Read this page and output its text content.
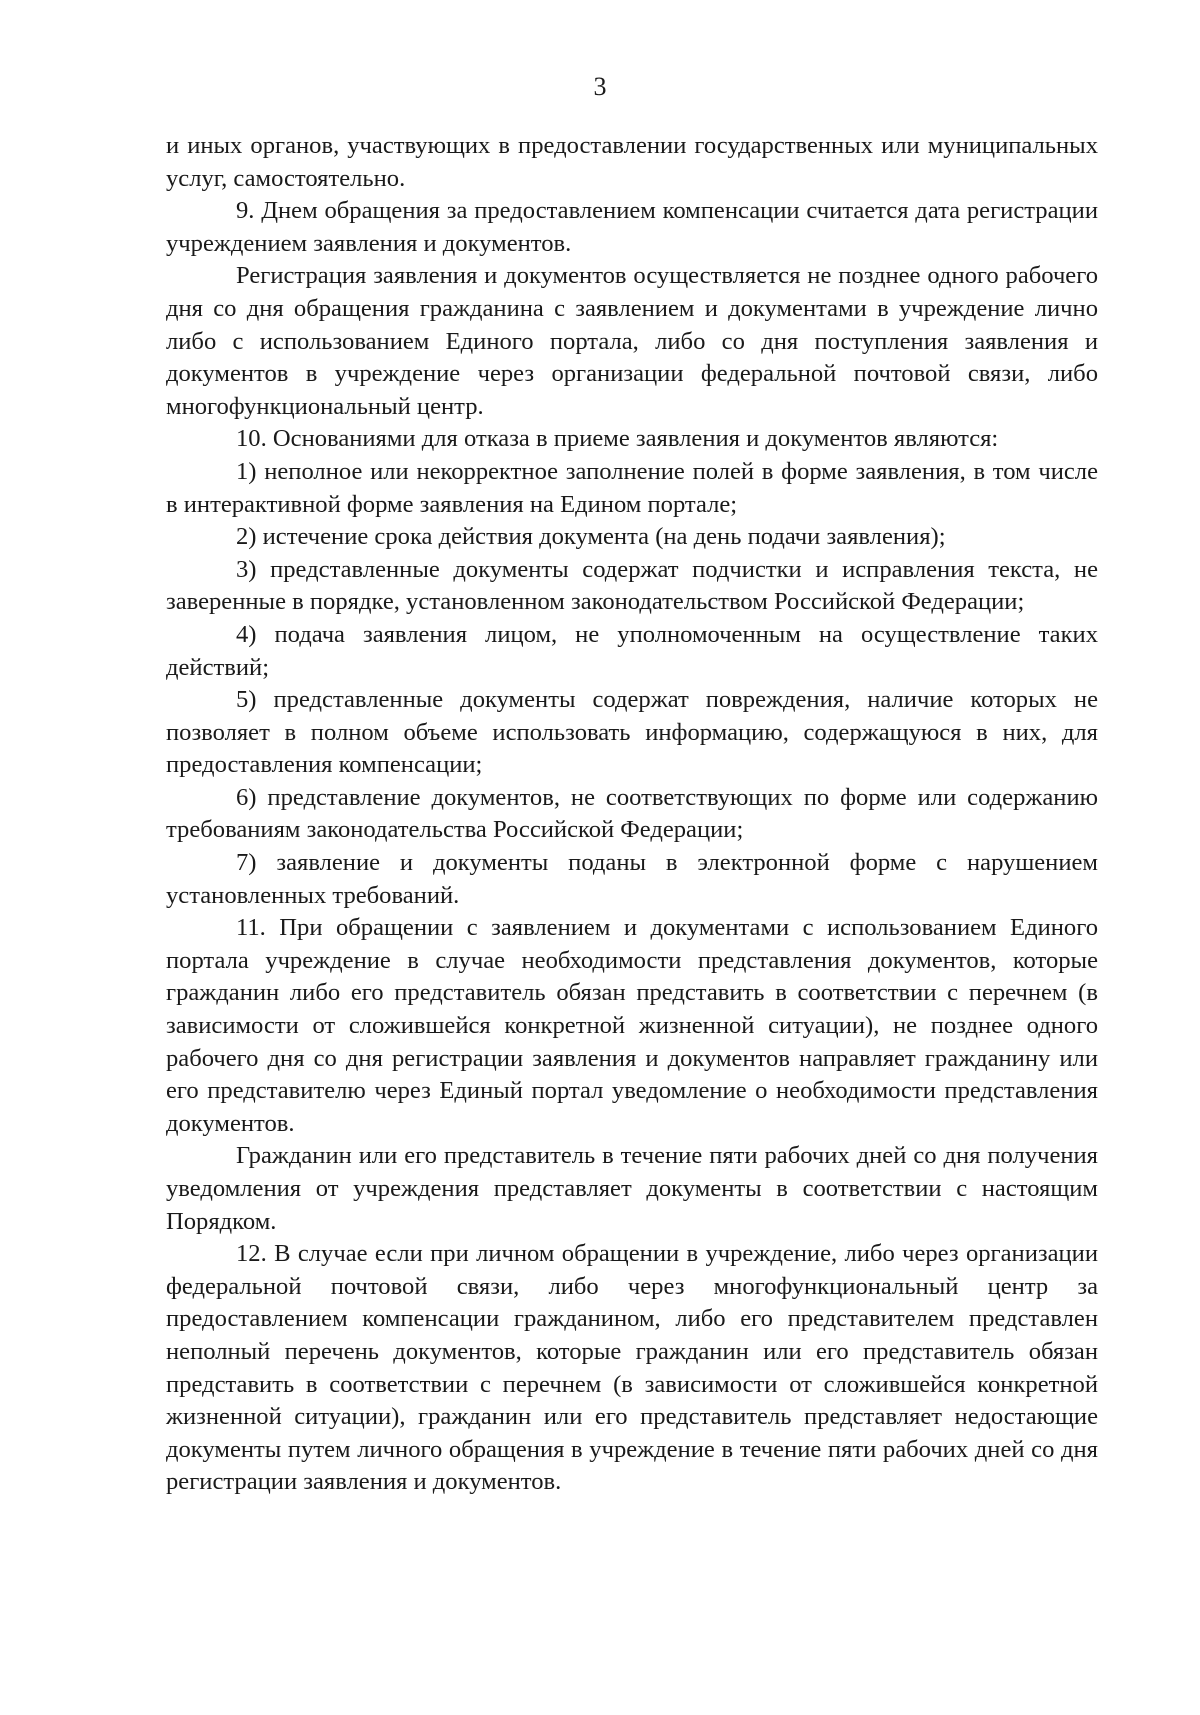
3

и иных органов, участвующих в предоставлении государственных или муниципальных услуг, самостоятельно.

9. Днем обращения за предоставлением компенсации считается дата регистрации учреждением заявления и документов.

Регистрация заявления и документов осуществляется не позднее одного рабочего дня со дня обращения гражданина с заявлением и документами в учреждение лично либо с использованием Единого портала, либо со дня поступления заявления и документов в учреждение через организации федеральной почтовой связи, либо многофункциональный центр.

10. Основаниями для отказа в приеме заявления и документов являются:

1) неполное или некорректное заполнение полей в форме заявления, в том числе в интерактивной форме заявления на Едином портале;

2) истечение срока действия документа (на день подачи заявления);

3) представленные документы содержат подчистки и исправления текста, не заверенные в порядке, установленном законодательством Российской Федерации;

4) подача заявления лицом, не уполномоченным на осуществление таких действий;

5) представленные документы содержат повреждения, наличие которых не позволяет в полном объеме использовать информацию, содержащуюся в них, для предоставления компенсации;

6) представление документов, не соответствующих по форме или содержанию требованиям законодательства Российской Федерации;

7) заявление и документы поданы в электронной форме с нарушением установленных требований.

11. При обращении с заявлением и документами с использованием Единого портала учреждение в случае необходимости представления документов, которые гражданин либо его представитель обязан представить в соответствии с перечнем (в зависимости от сложившейся конкретной жизненной ситуации), не позднее одного рабочего дня со дня регистрации заявления и документов направляет гражданину или его представителю через Единый портал уведомление о необходимости представления документов.

Гражданин или его представитель в течение пяти рабочих дней со дня получения уведомления от учреждения представляет документы в соответствии с настоящим Порядком.

12. В случае если при личном обращении в учреждение, либо через организации федеральной почтовой связи, либо через многофункциональный центр за предоставлением компенсации гражданином, либо его представителем представлен неполный перечень документов, которые гражданин или его представитель обязан представить в соответствии с перечнем (в зависимости от сложившейся конкретной жизненной ситуации), гражданин или его представитель представляет недостающие документы путем личного обращения в учреждение в течение пяти рабочих дней со дня регистрации заявления и документов.
